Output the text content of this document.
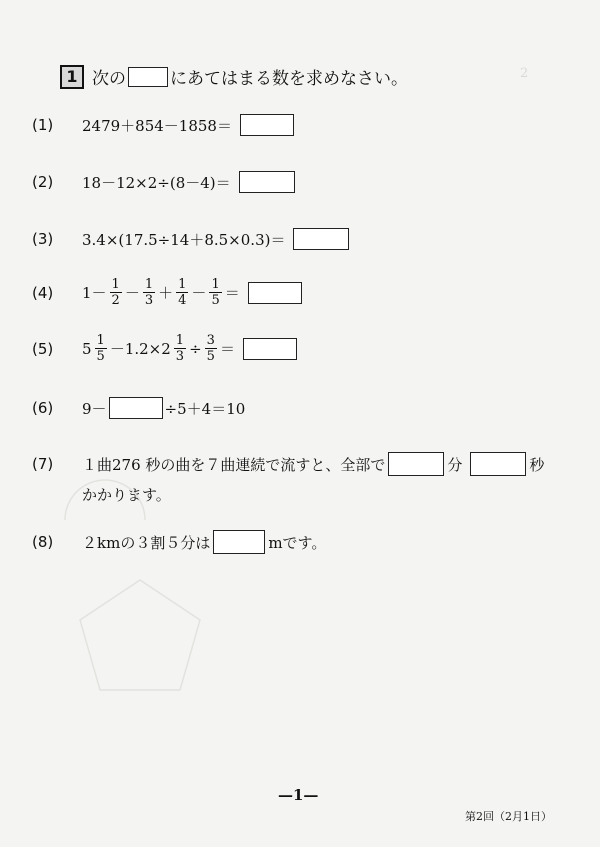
2
1 次の	にあてはまる数を求めなさい。
(1)	2479＋854－1858＝
(2)	18－12×2÷(8－4)＝
(3)	3.4×(17.5÷14＋8.5×0.3)＝
(4)	$1- \frac{1}{2} - \frac{1}{3} + \frac{1}{4} - \frac{1}{5}$ ＝
(5)	$5 \frac{1}{5} -1.2\times 2 \frac{1}{3} \div \frac{3}{5}$ ＝
(6)	9－	÷5＋4＝10
(7)	１曲276 秒の曲を７曲連続で流すと、全部で	分	秒
かかります。
(8)	２kmの３割５分は	mです。
—1—
第2回（2月1日）
